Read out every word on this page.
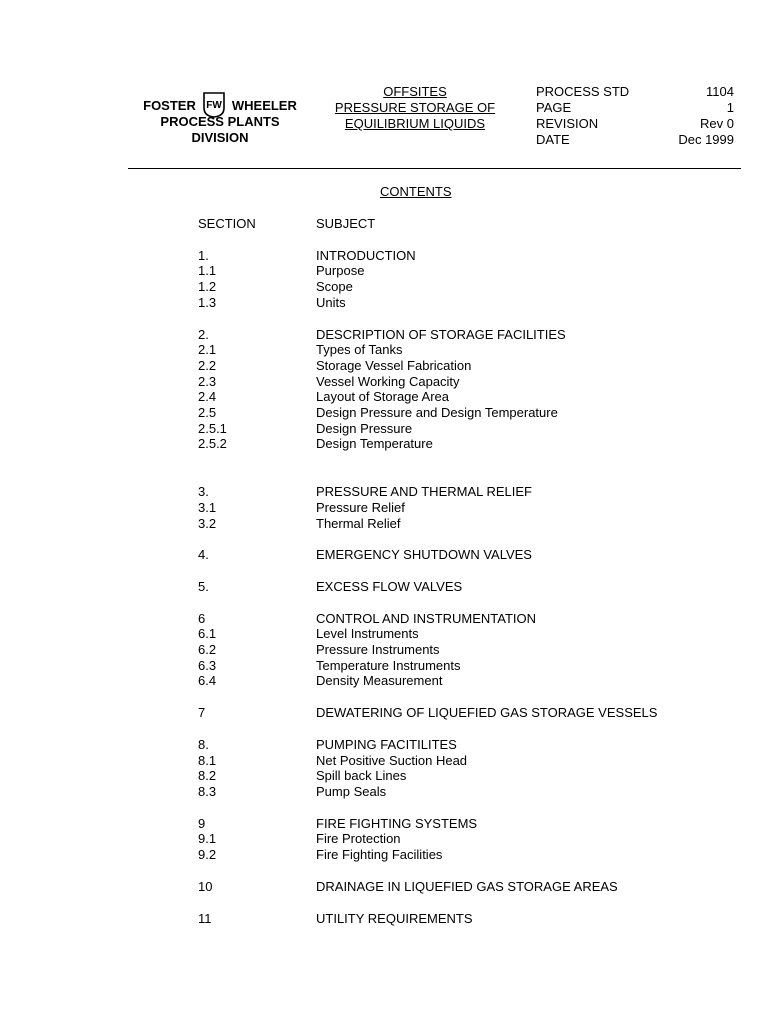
FOSTER FW WHEELER
PROCESS PLANTS
DIVISION
OFFSITES
PRESSURE STORAGE OF
EQUILIBRIUM LIQUIDS
PROCESS STD	1104
PAGE	1
REVISION	Rev 0
DATE	Dec 1999
CONTENTS
SECTION	SUBJECT
1.	INTRODUCTION
1.1	Purpose
1.2	Scope
1.3	Units
2.	DESCRIPTION OF STORAGE FACILITIES
2.1	Types of Tanks
2.2	Storage Vessel Fabrication
2.3	Vessel Working Capacity
2.4	Layout of Storage Area
2.5	Design Pressure and Design Temperature
2.5.1	Design Pressure
2.5.2	Design Temperature
3.	PRESSURE AND THERMAL RELIEF
3.1	Pressure Relief
3.2	Thermal Relief
4.	EMERGENCY SHUTDOWN VALVES
5.	EXCESS FLOW VALVES
6	CONTROL AND INSTRUMENTATION
6.1	Level Instruments
6.2	Pressure Instruments
6.3	Temperature Instruments
6.4	Density Measurement
7	DEWATERING OF LIQUEFIED GAS STORAGE VESSELS
8.	PUMPING FACITILITES
8.1	Net Positive Suction Head
8.2	Spill back Lines
8.3	Pump Seals
9	FIRE FIGHTING SYSTEMS
9.1	Fire Protection
9.2	Fire Fighting Facilities
10	DRAINAGE IN LIQUEFIED GAS STORAGE AREAS
11	UTILITY REQUIREMENTS
